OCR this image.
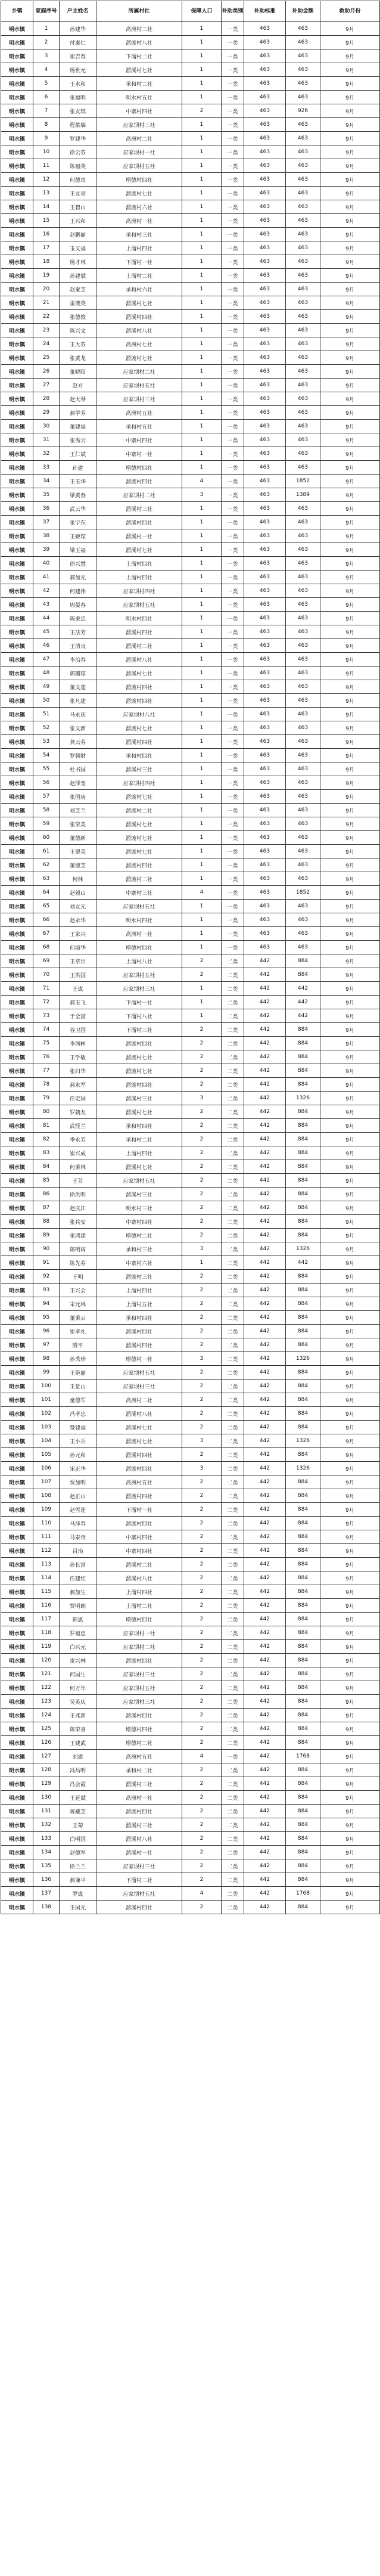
乡镇	家庭序号	户主姓名	所属村社	保障人口	补助类别	补助标准	补助金额	救助月份
明水镇	1	孙建华	高洲村二社	1	一类	463	463	9月
明水镇	2	付秦仁	溜渡村八社	1	一类	463	463	9月
明水镇	3	崔吉春	下溜村二社	1	一类	463	463	9月
明水镇	4	杨世元	溜溪村七社	1	一类	463	463	9月
明水镇	5	王永和	承和村二社	1	一类	463	463	9月
明水镇	6	张福明	明水村五社	1	一类	463	463	9月
明水镇	7	张友琪	中寨村四社	2	一类	463	926	9月
明水镇	8	程浆瑞	应家坝村三社	1	一类	463	463	9月
明水镇	9	罗建华	高洲村二社	1	一类	463	463	9月
明水镇	10	徐云芬	应家坝村一社	1	一类	463	463	9月
明水镇	11	陈福英	应家坝村五社	1	一类	463	463	9月
明水镇	12	何德贵	增德村四社	1	一类	463	463	9月
明水镇	13	王友亮	溜渡村七社	1	一类	463	463	9月
明水镇	14	王碧山	溜渡村六社	1	一类	463	463	9月
明水镇	15	王兴和	高洲村一社	1	一类	463	463	9月
明水镇	16	赵鹏丽	承和村三社	1	一类	463	463	9月
明水镇	17	玉义福	上溜村四社	1	一类	463	463	9月
明水镇	18	杨才林	下溜村一社	1	一类	463	463	9月
明水镇	19	孙建斌	上溜村二社	1	一类	463	463	9月
明水镇	20	赵秦芝	承和村六社	1	一类	463	463	9月
明水镇	21	雷蔑英	溜溪村七社	1	一类	463	463	9月
明水镇	22	张德俊	溜溪村四社	1	一类	463	463	9月
明水镇	23	陈兴文	溜溪村八社	1	一类	463	463	9月
明水镇	24	王大芬	高洲村七社	1	一类	463	463	9月
明水镇	25	张黄龙	溜渡村七社	1	一类	463	463	9月
明水镇	26	董晓阳	应家坝村二社	1	一类	463	463	9月
明水镇	27	赵方	应家坝村五社	1	一类	463	463	9月
明水镇	28	赵大琴	应家坝村三社	1	一类	463	463	9月
明水镇	29	郝学芳	高洲村五社	1	一类	463	463	9月
明水镇	30	董建福	承和村五社	1	一类	463	463	9月
明水镇	31	张秀云	中寨村四社	1	一类	463	463	9月
明水镇	32	王仁斌	中寨村一社	1	一类	463	463	9月
明水镇	33	孙建	增德村四社	1	一类	463	463	9月
明水镇	34	王玉华	溜渡村四社	4	一类	463	1852	9月
明水镇	35	梁黄春	应家坝村二社	3	一类	463	1389	9月
明水镇	36	武云华	溜溪村三社	1	一类	463	463	9月
明水镇	37	张宇东	溜溪村四社	1	一类	463	463	9月
明水镇	38	王姬琼	溜溪村一社	1	一类	463	463	9月
明水镇	39	梁玉福	溜溪村七社	1	一类	463	463	9月
明水镇	40	徐兴慧	上溜村四社	1	一类	463	463	9月
明水镇	41	郝加元	上溜村四社	1	一类	463	463	9月
明水镇	42	何建伟	应家坝村四社	1	一类	463	463	9月
明水镇	43	周晏春	应家坝村五社	1	一类	463	463	9月
明水镇	44	陈秉忠	明水村四社	1	一类	463	463	9月
明水镇	45	王法芳	溜溪村四社	1	一类	463	463	9月
明水镇	46	王清良	溜溪村二社	1	一类	463	463	9月
明水镇	47	李治春	溜溪村八社	1	一类	463	463	9月
明水镇	48	郭璐琼	溜溪村七社	1	一类	463	463	9月
明水镇	49	董文莲	溜渡村四社	1	一类	463	463	9月
明水镇	50	张凡建	溜渡村四社	1	一类	463	463	9月
明水镇	51	马永庆	应家坝村八社	1	一类	463	463	9月
明水镇	52	张文新	溜渡村七社	1	一类	463	463	9月
明水镇	53	龚云芬	溜溪村四社	1	一类	463	463	9月
明水镇	54	罗朝财	承和村四社	1	一类	463	463	9月
明水镇	55	杜书国	溜溪村三社	1	一类	463	463	9月
明水镇	56	赵泽宽	应家坝村四社	1	一类	463	463	9月
明水镇	57	张国庚	溜渡村七社	1	一类	463	463	9月
明水镇	58	刘芝兰	溜渡村二社	1	一类	463	463	9月
明水镇	59	张荣美	溜溪村七社	1	一类	463	463	9月
明水镇	60	董德新	溜渡村七社	1	一类	463	463	9月
明水镇	61	王翠英	溜渡村七社	1	一类	463	463	9月
明水镇	62	董德芝	溜渡村四社	1	一类	463	463	9月
明水镇	63	何林	溜渡村二社	1	一类	463	463	9月
明水镇	64	赵毅山	中寨村三社	4	一类	463	1852	9月
明水镇	65	刘友元	应家坝村五社	1	一类	463	463	9月
明水镇	66	赵永华	明水村四社	1	一类	463	463	9月
明水镇	67	王家兴	高洲村一社	1	一类	463	463	9月
明水镇	68	何淑华	增德村四社	1	一类	463	463	9月
明水镇	69	王章出	上溜村八社	2	二类	442	884	9月
明水镇	70	王洪国	应家坝村五社	2	二类	442	884	9月
明水镇	71	王成	应家坝村三社	1	二类	442	442	9月
明水镇	72	郝玉飞	下溜村一社	1	二类	442	442	9月
明水镇	73	于全富	下溜村八社	1	二类	442	442	9月
明水镇	74	谷卫国	下溜村三社	2	二类	442	884	9月
明水镇	75	李润彬	溜渡村四社	2	二类	442	884	9月
明水镇	76	王学敏	溜渡村七社	2	二类	442	884	9月
明水镇	77	张归华	溜渡村七社	2	二类	442	884	9月
明水镇	78	郝永军	溜渡村四社	2	二类	442	884	9月
明水镇	79	任宏国	溜溪村三社	3	二类	442	1326	9月
明水镇	80	罗朝友	溜溪村七社	2	二类	442	884	9月
明水镇	81	武怪兰	承和村四社	2	二类	442	884	9月
明水镇	82	季永芳	承和村二社	2	二类	442	884	9月
明水镇	83	崔兴成	上溜村四社	2	二类	442	884	9月
明水镇	84	何秉林	溜溪村七社	2	二类	442	884	9月
明水镇	85	王芳	应家坝村五社	2	二类	442	884	9月
明水镇	86	徐洪明	溜溪村三社	2	二类	442	884	9月
明水镇	87	赵庆江	明水村三社	2	二类	442	884	9月
明水镇	88	张兵安	中寨村四社	2	二类	442	884	9月
明水镇	89	张鸿建	增德村二社	2	二类	442	884	9月
明水镇	90	陈明雨	承和村三社	3	二类	442	1326	9月
明水镇	91	陈先芬	中寨村六社	1	二类	442	442	9月
明水镇	92	王明	溜渡村三社	2	二类	442	884	9月
明水镇	93	王兴会	上溜村四社	2	二类	442	884	9月
明水镇	94	宋元林	上溜村五社	2	二类	442	884	9月
明水镇	95	董秉云	承和村四社	2	二类	442	884	9月
明水镇	96	崔孝礼	溜溪村四社	2	二类	442	884	9月
明水镇	97	殷平	溜溪村四社	2	二类	442	884	9月
明水镇	98	孙秀珍	增德村一社	3	二类	442	1326	9月
明水镇	99	王艳丽	应家坝村五社	2	二类	442	884	9月
明水镇	100	王景山	应家坝村三社	2	二类	442	884	9月
明水镇	101	童德军	高洲村二社	2	二类	442	884	9月
明水镇	102	冯孝忠	溜溪村八社	2	二类	442	884	9月
明水镇	103	赞建福	溜溪村七社	2	二类	442	884	9月
明水镇	104	王小兵	溜渡村七社	3	二类	442	1326	9月
明水镇	105	孙元和	溜溪村四社	2	二类	442	884	9月
明水镇	106	宋正华	溜渡村四社	3	二类	442	1326	9月
明水镇	107	贾加明	高洲村五社	2	二类	442	884	9月
明水镇	108	赵正山	溜渡村四社	2	二类	442	884	9月
明水镇	109	赵雪莲	下溜村一社	2	二类	442	884	9月
明水镇	110	马泽春	溜渡村四社	2	二类	442	884	9月
明水镇	111	马泰贵	中寨村四社	2	二类	442	884	9月
明水镇	112	吕治	中寨村四社	2	二类	442	884	9月
明水镇	113	孙长富	溜溪村二社	2	二类	442	884	9月
明水镇	114	任建红	溜溪村八社	2	二类	442	884	9月
明水镇	115	郝加生	上溜村四社	2	二类	442	884	9月
明水镇	116	贾明朗	上溜村二社	2	二类	442	884	9月
明水镇	117	韩惠	增德村四社	2	二类	442	884	9月
明水镇	118	罗福忠	应家坝村一社	2	二类	442	884	9月
明水镇	119	白兴元	应家坝村二社	2	二类	442	884	9月
明水镇	120	雷兴林	溜渡村四社	2	二类	442	884	9月
明水镇	121	何国生	应家坝村三社	2	二类	442	884	9月
明水镇	122	何万年	应家坝村五社	2	二类	442	884	9月
明水镇	123	吴英庆	应家坝村三社	2	二类	442	884	9月
明水镇	124	王兆新	溜溪村四社	2	二类	442	884	9月
明水镇	125	陈荣喜	增德村四社	2	二类	442	884	9月
明水镇	126	王建武	增德村二社	2	二类	442	884	9月
明水镇	127	刘建	高洲村五社	4	一类	442	1768	9月
明水镇	128	冯昌明	承和村二社	2	二类	442	884	9月
明水镇	129	冯会霞	溜溪村三社	2	二类	442	884	9月
明水镇	130	王延斌	高洲村一社	2	二类	442	884	9月
明水镇	131	蒋藏芝	溜渡村四社	2	二类	442	884	9月
明水镇	132	王菊	溜溪村三社	2	二类	442	884	9月
明水镇	133	白明国	溜溪村八社	2	二类	442	884	9月
明水镇	134	赵德军	溜溪村一社	2	二类	442	884	9月
明水镇	135	徐兰兰	应家坝村三社	2	二类	442	884	9月
明水镇	136	郝兼平	下溜村二社	2	二类	442	884	9月
明水镇	137	罗成	应家坝村五社	4	二类	442	1768	9月
明水镇	138	王国元	溜溪村四社	2	二类	442	884	9月
